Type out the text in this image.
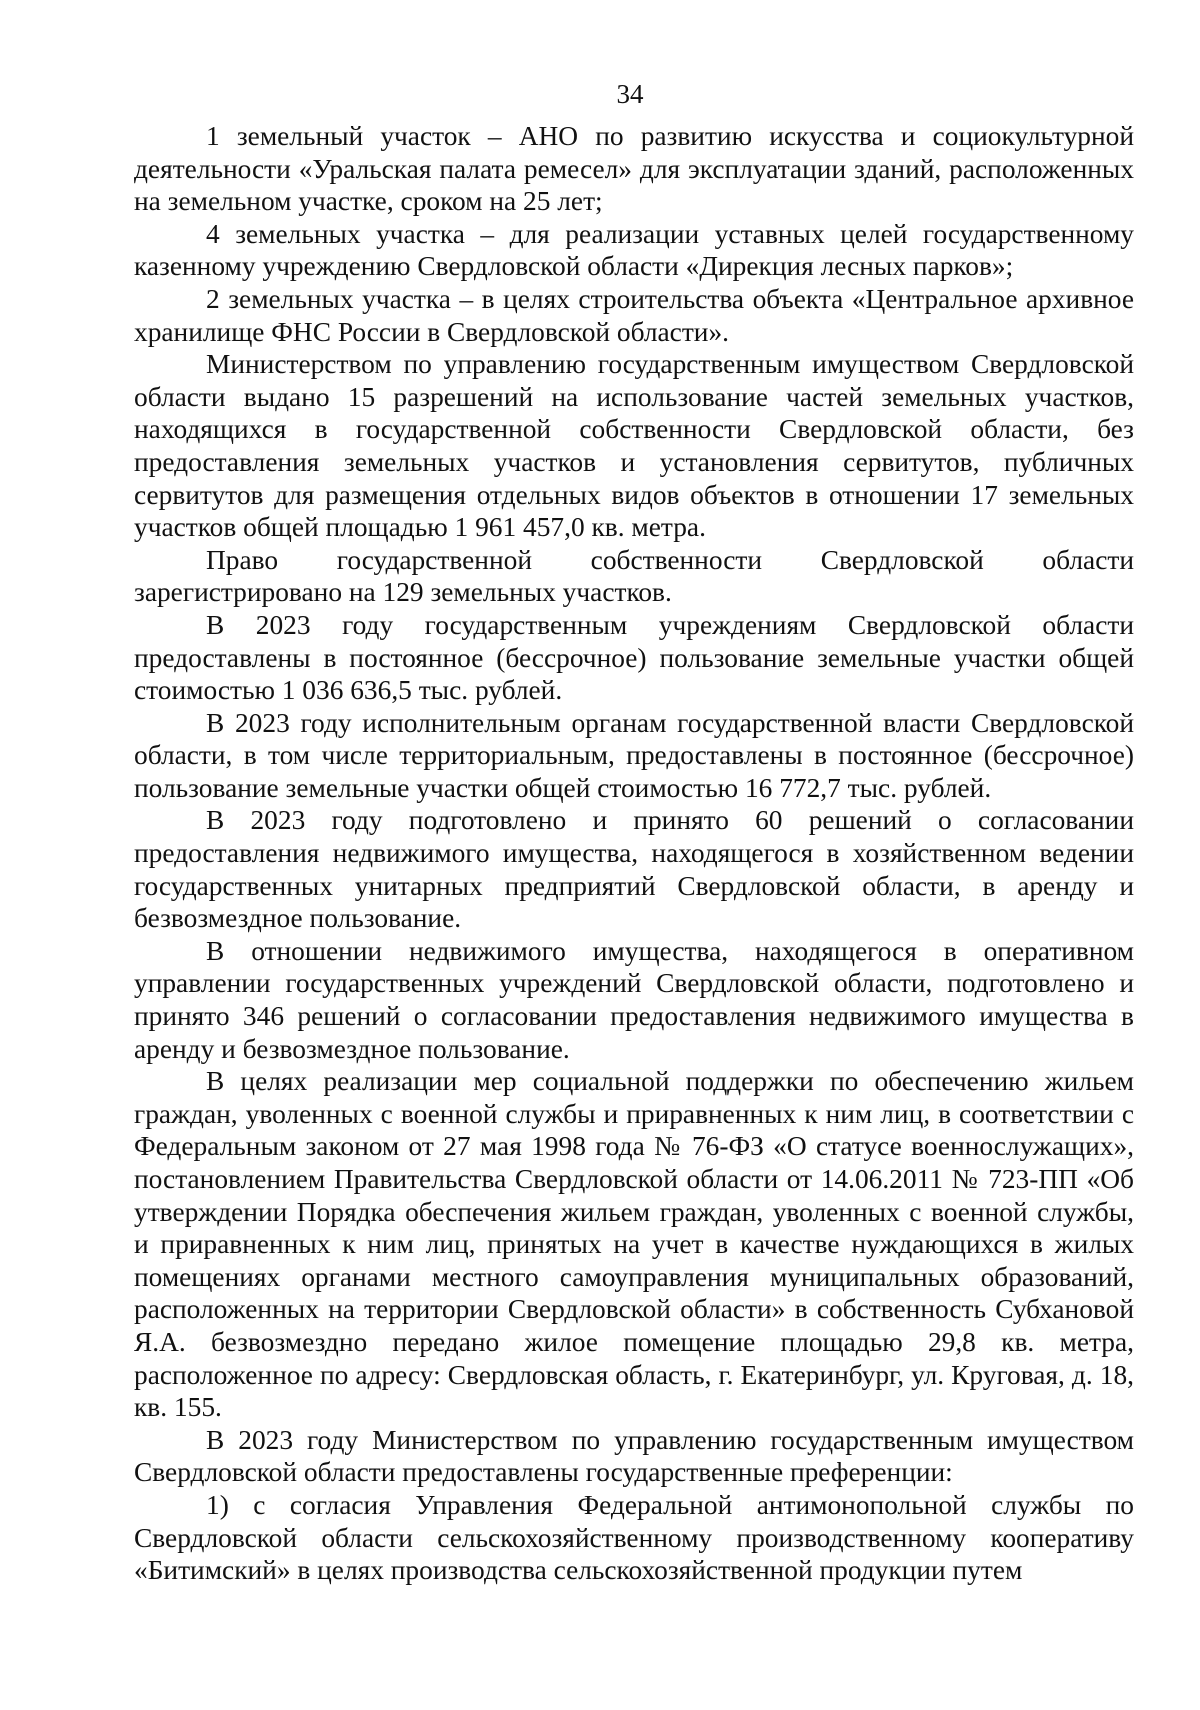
34

1 земельный участок – АНО по развитию искусства и социокультурной деятельности «Уральская палата ремесел» для эксплуатации зданий, расположенных на земельном участке, сроком на 25 лет;

4 земельных участка – для реализации уставных целей государственному казенному учреждению Свердловской области «Дирекция лесных парков»;

2 земельных участка – в целях строительства объекта «Центральное архивное хранилище ФНС России в Свердловской области».

Министерством по управлению государственным имуществом Свердловской области выдано 15 разрешений на использование частей земельных участков, находящихся в государственной собственности Свердловской области, без предоставления земельных участков и установления сервитутов, публичных сервитутов для размещения отдельных видов объектов в отношении 17 земельных участков общей площадью 1 961 457,0 кв. метра.

Право государственной собственности Свердловской области зарегистрировано на 129 земельных участков.

В 2023 году государственным учреждениям Свердловской области предоставлены в постоянное (бессрочное) пользование земельные участки общей стоимостью 1 036 636,5 тыс. рублей.

В 2023 году исполнительным органам государственной власти Свердловской области, в том числе территориальным, предоставлены в постоянное (бессрочное) пользование земельные участки общей стоимостью 16 772,7 тыс. рублей.

В 2023 году подготовлено и принято 60 решений о согласовании предоставления недвижимого имущества, находящегося в хозяйственном ведении государственных унитарных предприятий Свердловской области, в аренду и безвозмездное пользование.

В отношении недвижимого имущества, находящегося в оперативном управлении государственных учреждений Свердловской области, подготовлено и принято 346 решений о согласовании предоставления недвижимого имущества в аренду и безвозмездное пользование.

В целях реализации мер социальной поддержки по обеспечению жильем граждан, уволенных с военной службы и приравненных к ним лиц, в соответствии с Федеральным законом от 27 мая 1998 года № 76-ФЗ «О статусе военнослужащих», постановлением Правительства Свердловской области от 14.06.2011 № 723-ПП «Об утверждении Порядка обеспечения жильем граждан, уволенных с военной службы, и приравненных к ним лиц, принятых на учет в качестве нуждающихся в жилых помещениях органами местного самоуправления муниципальных образований, расположенных на территории Свердловской области» в собственность Субхановой Я.А. безвозмездно передано жилое помещение площадью 29,8 кв. метра, расположенное по адресу: Свердловская область, г. Екатеринбург, ул. Круговая, д. 18, кв. 155.

В 2023 году Министерством по управлению государственным имуществом Свердловской области предоставлены государственные преференции:

1) с согласия Управления Федеральной антимонопольной службы по Свердловской области сельскохозяйственному производственному кооперативу «Битимский» в целях производства сельскохозяйственной продукции путем
